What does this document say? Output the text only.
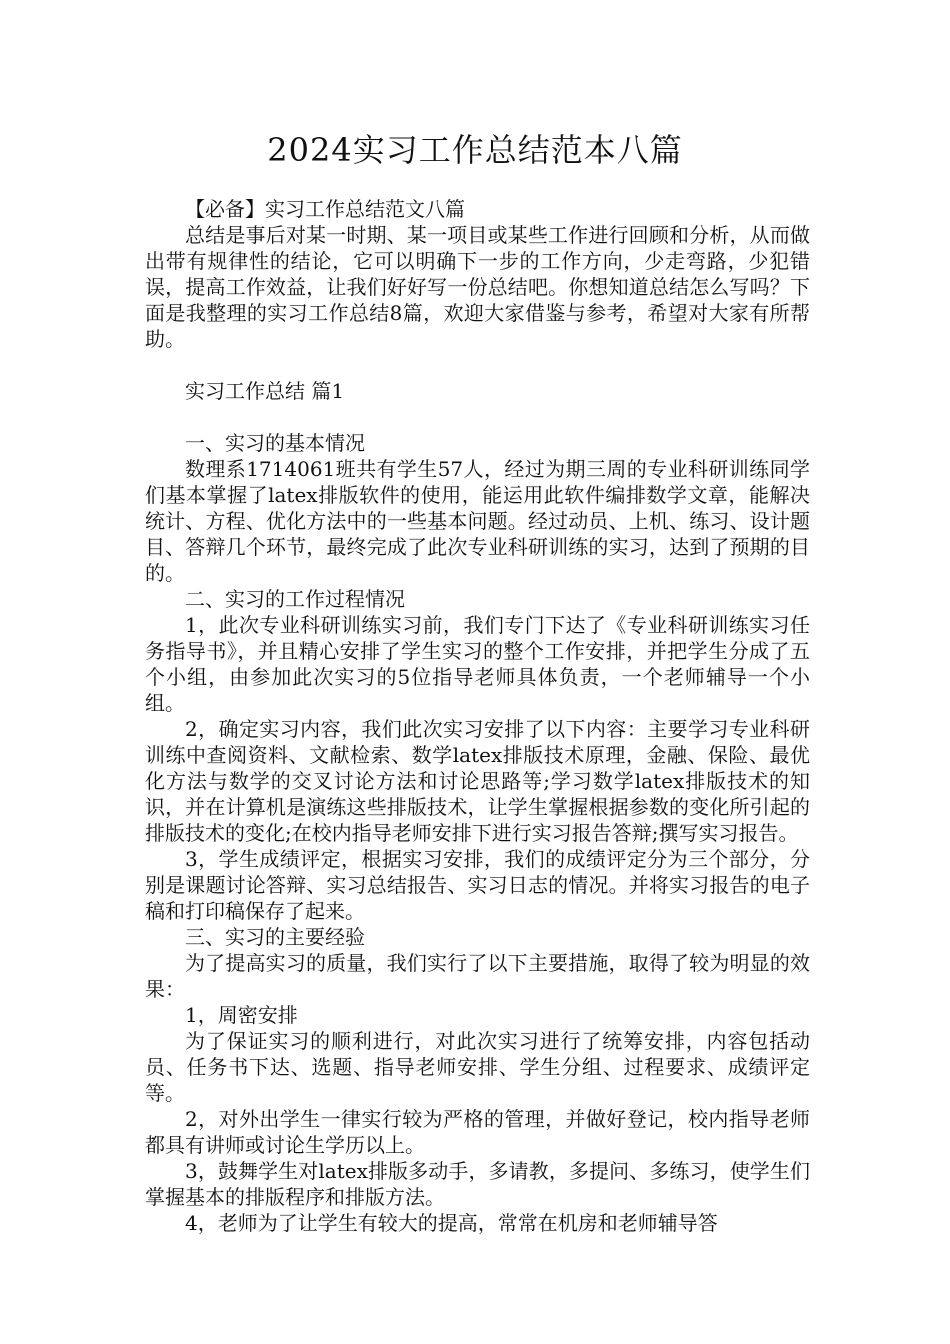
2024实习工作总结范本八篇

【必备】实习工作总结范文八篇

总结是事后对某一时期、某一项目或某些工作进行回顾和分析，从而做出带有规律性的结论，它可以明确下一步的工作方向，少走弯路，少犯错误，提高工作效益，让我们好好写一份总结吧。你想知道总结怎么写吗？下面是我整理的实习工作总结8篇，欢迎大家借鉴与参考，希望对大家有所帮助。

实习工作总结 篇1

一、实习的基本情况

数理系1714061班共有学生57人，经过为期三周的专业科研训练同学们基本掌握了latex排版软件的使用，能运用此软件编排数学文章，能解决统计、方程、优化方法中的一些基本问题。经过动员、上机、练习、设计题目、答辩几个环节，最终完成了此次专业科研训练的实习，达到了预期的目的。

二、实习的工作过程情况

1，此次专业科研训练实习前，我们专门下达了《专业科研训练实习任务指导书》，并且精心安排了学生实习的整个工作安排，并把学生分成了五个小组，由参加此次实习的5位指导老师具体负责，一个老师辅导一个小组。

2，确定实习内容，我们此次实习安排了以下内容：主要学习专业科研训练中查阅资料、文献检索、数学latex排版技术原理，金融、保险、最优化方法与数学的交叉讨论方法和讨论思路等;学习数学latex排版技术的知识，并在计算机是演练这些排版技术，让学生掌握根据参数的变化所引起的排版技术的变化;在校内指导老师安排下进行实习报告答辩;撰写实习报告。

3，学生成绩评定，根据实习安排，我们的成绩评定分为三个部分，分别是课题讨论答辩、实习总结报告、实习日志的情况。并将实习报告的电子稿和打印稿保存了起来。

三、实习的主要经验

为了提高实习的质量，我们实行了以下主要措施，取得了较为明显的效果：

1，周密安排

为了保证实习的顺利进行，对此次实习进行了统筹安排，内容包括动员、任务书下达、选题、指导老师安排、学生分组、过程要求、成绩评定等。

2，对外出学生一律实行较为严格的管理，并做好登记，校内指导老师都具有讲师或讨论生学历以上。

3，鼓舞学生对latex排版多动手，多请教，多提问、多练习，使学生们掌握基本的排版程序和排版方法。

4，老师为了让学生有较大的提高，常常在机房和老师辅导答
